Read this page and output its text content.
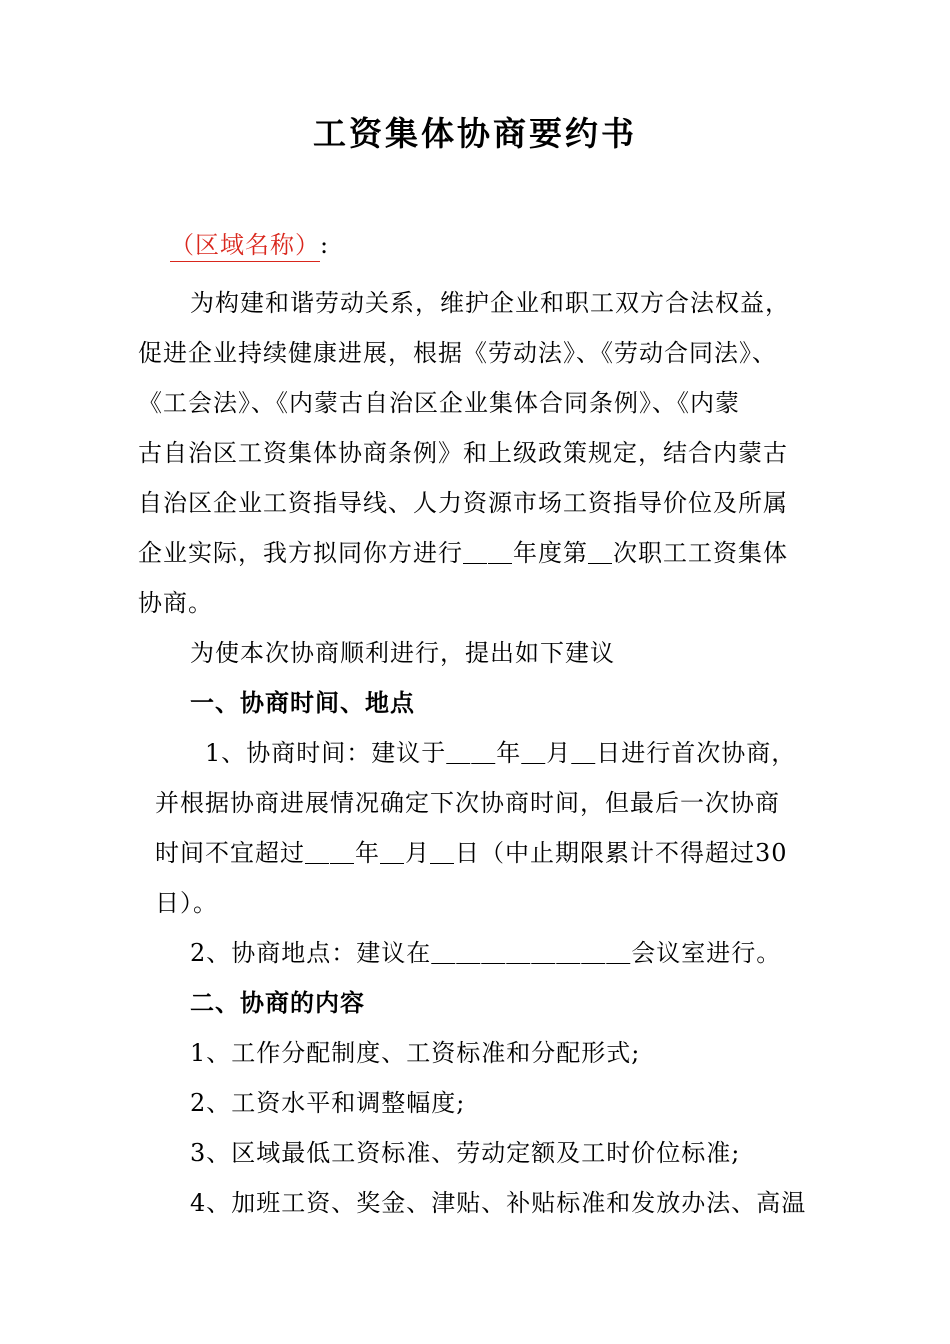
工资集体协商要约书
（区域名称）:
为构建和谐劳动关系，维护企业和职工双方合法权益，
促进企业持续健康进展，根据《劳动法》、《劳动合同法》、
《工会法》、《内蒙古自治区企业集体合同条例》、《内蒙
古自治区工资集体协商条例》和上级政策规定，结合内蒙古
自治区企业工资指导线、人力资源市场工资指导价位及所属
企业实际，我方拟同你方进行＿＿年度第＿次职工工资集体
协商。
为使本次协商顺利进行，提出如下建议
一、协商时间、地点
1、协商时间：建议于＿＿年＿月＿日进行首次协商，
并根据协商进展情况确定下次协商时间，但最后一次协商
时间不宜超过＿＿年＿月＿日（中止期限累计不得超过30
日）。
2、协商地点：建议在＿＿＿＿＿＿＿＿会议室进行。
二、协商的内容
1、工作分配制度、工资标准和分配形式;
2、工资水平和调整幅度;
3、区域最低工资标准、劳动定额及工时价位标准;
4、加班工资、奖金、津贴、补贴标准和发放办法、高温
